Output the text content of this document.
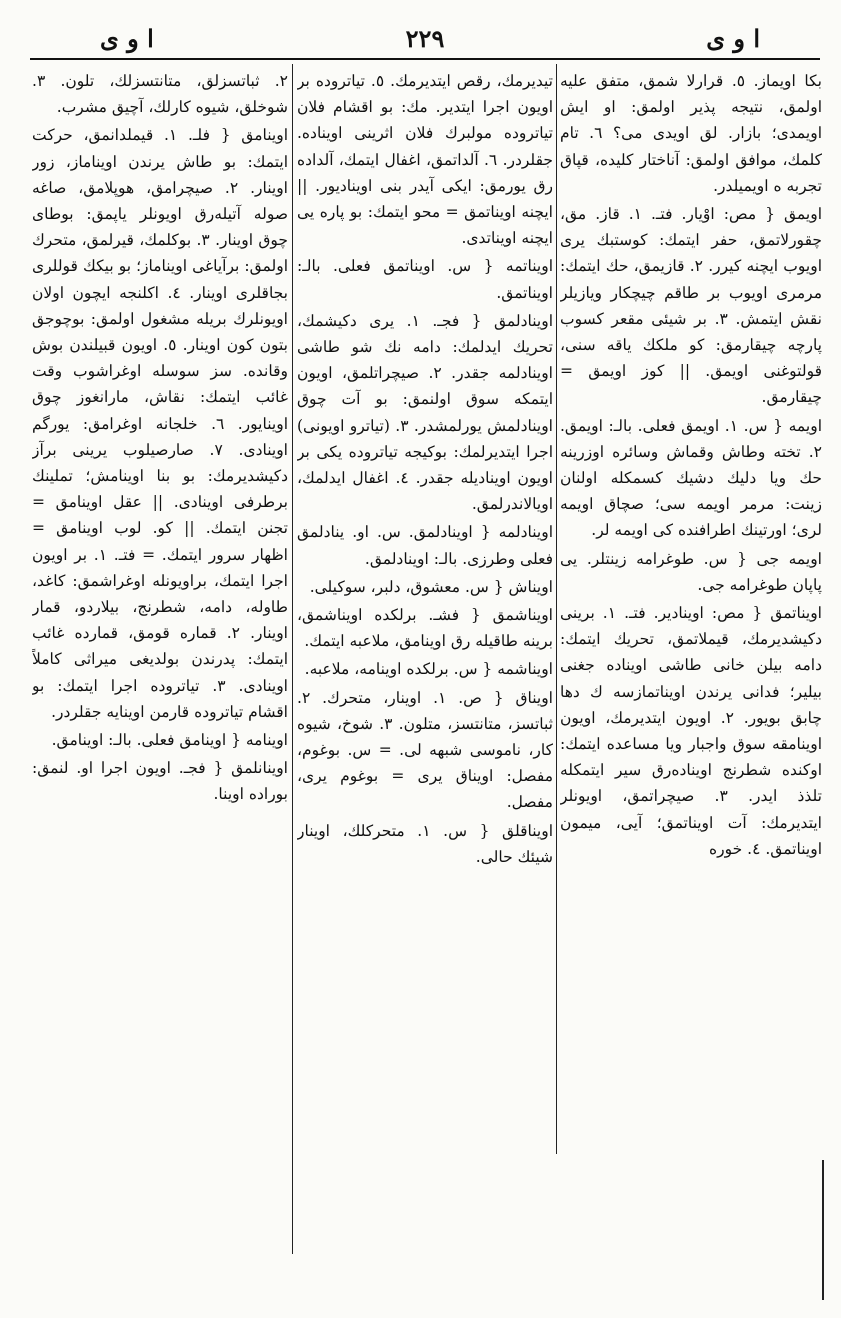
ا و ى	٢٢٩	ا و ى

بكا اويماز. ٥. قرارلا شمق، متفق عليه اولمق، نتيجه پذير اولمق: او ايش اويمدى؛ بازار. لق اويدى مى؟ ٦. تام كلمك، موافق اولمق: آناختار كليده، قپاق تجربه ه اويميلدر.

اويمق { مص: اوْيار. فتـ. ١. قاز. مق، چقورلاتمق، حفر ايتمك: كوستبك يرى اويوب ايچنه كيرر. ٢. قازيمق، حك ايتمك: مرمرى اويوب بر طاقم چيچكار ويازيلر نقش ايتمش. ٣. بر شيئى مقعر كسوب پارچه چيقارمق: كو ملكك ياقه سنى، قولتوغنى اويمق. || كوز اويمق = چيقارمق.

اويمه { س. ١. اويمق فعلى. بالـ: اويمق. ٢. تخته وطاش وقماش وسائره اوزرينه حك ويا دليك دشيك كسمكله اولنان زينت: مرمر اويمه سى؛ صچاق اويمه لرى؛ اورتينك اطرافنده كى اويمه لر.

اويمه جى { س. طوغرامه زينتلر. يى پاپان طوغرامه جى.

اويناتمق { مص: اوينادير. فتـ. ١. برينى دكيشديرمك، قيملاتمق، تحريك ايتمك: دامه بيلن خانى طاشى اويناده جغنى بيلير؛ فدانى يرندن اويناتمازسه ك دها چابق بويور. ٢. اويون ايتديرمك، اويون اوينامقه سوق واجبار ويا مساعده ايتمك: اوكنده شطرنج اوينادەرق سير ايتمكله تلذذ ايدر. ٣. صيچراتمق، اويونلر ايتديرمك: آت اويناتمق؛ آيى، ميمون اويناتمق. ٤. خوره

تيديرمك، رقص ايتديرمك. ٥. تياتروده بر اويون اجرا ايتدير. مك: بو اقشام فلان تياتروده مولبرك فلان اثرينى اويناده. جقلردر. ٦. آلداتمق، اغفال ايتمك، آلداده رق يورمق: ايكى آيدر بنى اويناديور. || ايچنه اويناتمق = محو ايتمك: بو پاره يى ايچنه اويناتدى.

اويناتمه { س. اويناتمق فعلى. بالـ: اويناتمق.

اوينادلمق { فجـ. ١. يرى دكيشمك، تحريك ايدلمك: دامه نك شو طاشى اوينادلمه جقدر. ٢. صيچراتلمق، اويون ايتمكه سوق اولنمق: بو آت چوق اوينادلمش يورلمشدر. ٣. (تياترو اويونى) اجرا ايتديرلمك: بوكيجه تياترودە يكى بر اويون اويناديله جقدر. ٤. اغفال ايدلمك، اويالاندرلمق.

اوينادلمه { اوينادلمق. س. او. ينادلمق فعلى وطرزى. بالـ: اوينادلمق.

اويناش { س. معشوق، دلبر، سوكيلى.

اويناشمق { فشـ. برلكده اويناشمق، برينه طاقيله رق اوينامق، ملاعبه ايتمك.

اويناشمه { س. برلكده اوينامه، ملاعبه.

اويناق { ص. ١. اوينار، متحرك. ٢. ثباتسز، متانتسز، متلون. ٣. شوخ، شيوه كار، ناموسى شبهه لى. = س. بوغوم، مفصل: اويناق يرى = بوغوم يرى، مفصل.

اويناقلق { س. ١. متحركلك، اوينار شيئك حالى.

٢. ثباتسزلق، متانتسزلك، تلون. ٣. شوخلق، شيوه كارلك، آچيق مشرب.

اوينامق { فلـ. ١. قيملدانمق، حركت ايتمك: بو طاش يرندن اويناماز، زور اوينار. ٢. صيچرامق، هوپلامق، صاغه صوله آتيلەرق اويونلر ياپمق: بوطاى چوق اوينار. ٣. بوكلمك، قيرلمق، متحرك اولمق: برآياغى اويناماز؛ بو بيكك قوللرى بجاقلرى اوينار. ٤. اكلنجه ايچون اولان اويونلرك بريله مشغول اولمق: بوچوجق بتون كون اوينار. ٥. اويون قبيلندن بوش وقانده. سز سوسله اوغراشوب وقت غائب ايتمك: نقاش، مارانغوز چوق اوينايور. ٦. خلجانه اوغرامق: يورگم اوينادى. ٧. صارصيلوب يرينى برآز دكيشديرمك: بو بنا اوينامش؛ تملينك برطرفى اوينادى. || عقل اوينامق = تجنن ايتمك. || كو. لوب اوينامق = اظهار سرور ايتمك. = فتـ. ١. بر اويون اجرا ايتمك، براويونله اوغراشمق: كاغد، طاوله، دامه، شطرنج، بيلاردو، قمار اوينار. ٢. قماره قومق، قمارده غائب ايتمك: پدرندن بولديغى ميراثى كاملاً اوينادى. ٣. تياتروده اجرا ايتمك: بو اقشام تياتروده قارمن اوينايه جقلردر.

اوينامه { اوينامق فعلى. بالـ: اوينامق.

اوينانلمق { فجـ. اويون اجرا او. لنمق: بوراده اوينا.
